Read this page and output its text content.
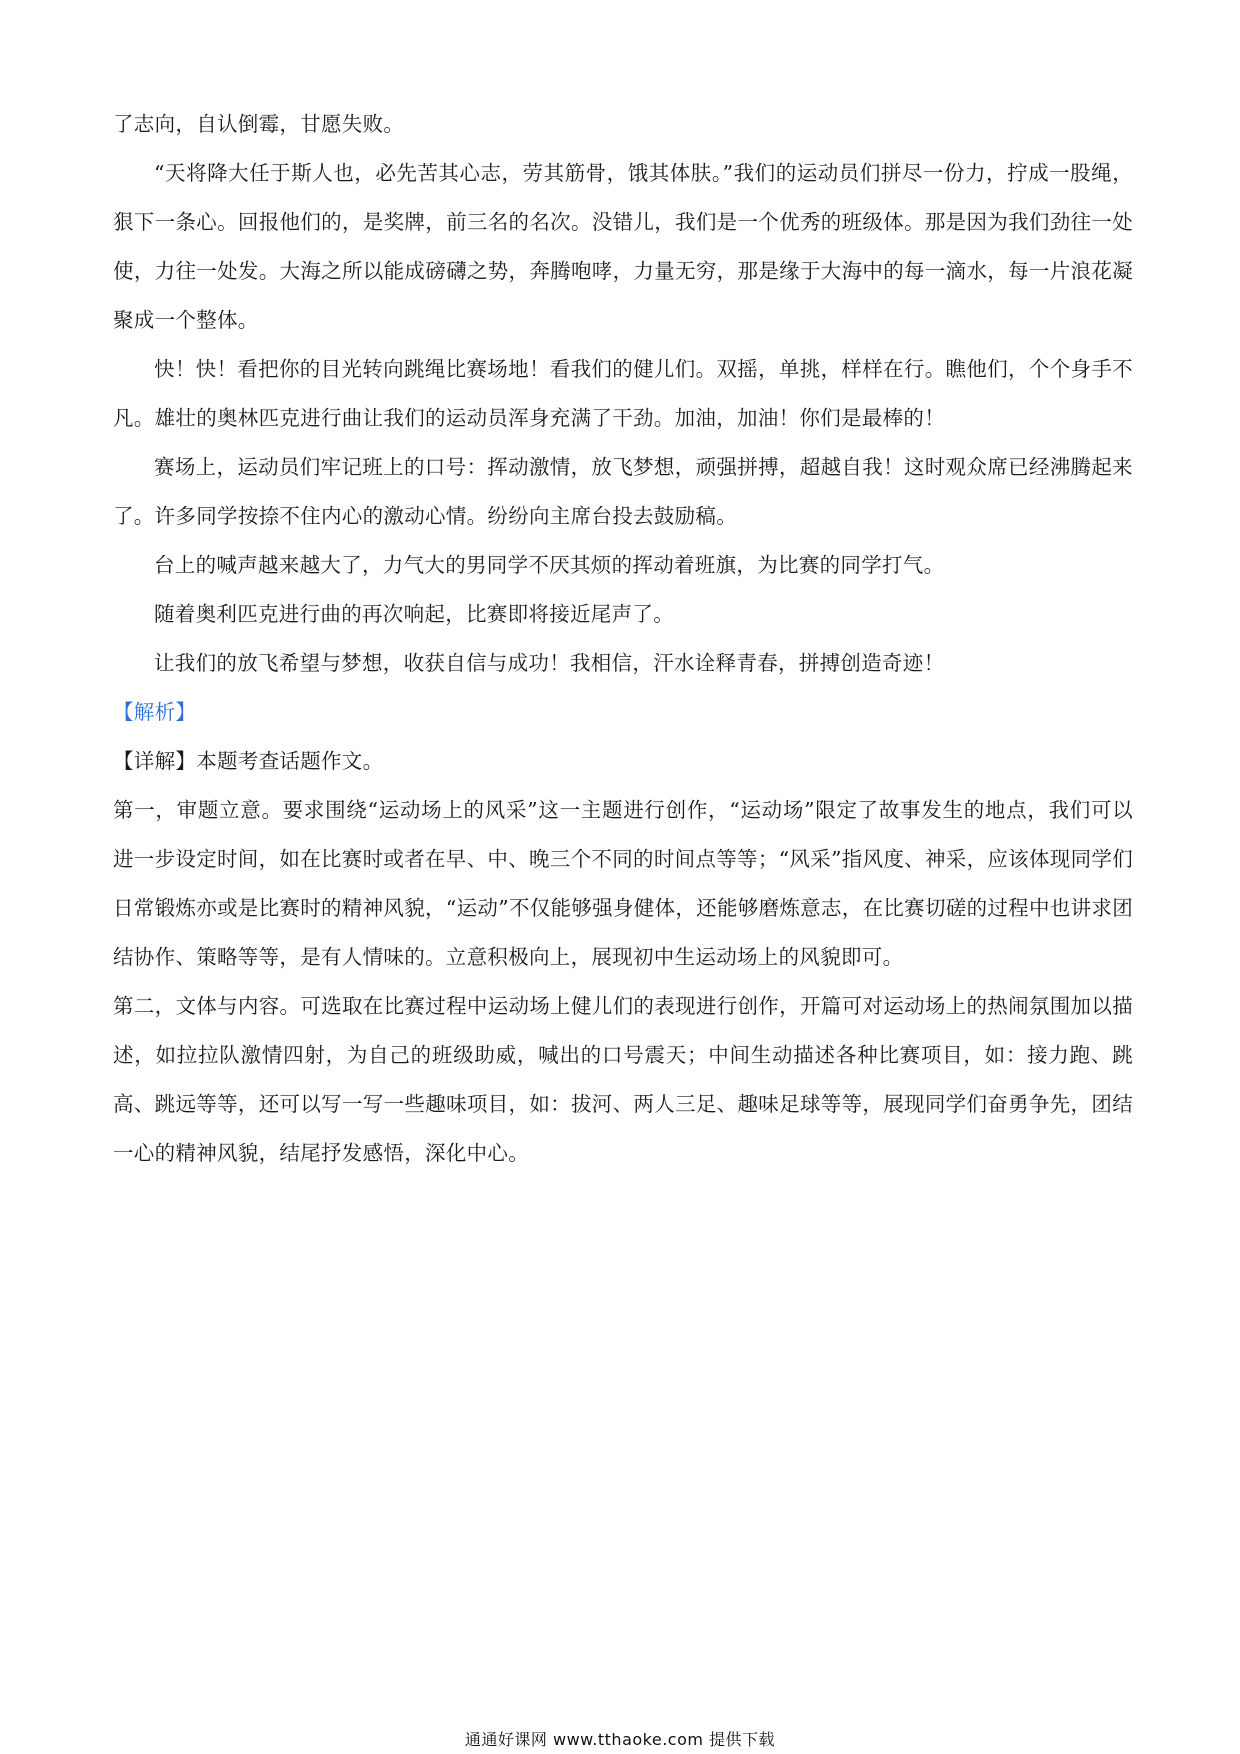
了志向，自认倒霉，甘愿失败。

“天将降大任于斯人也，必先苦其心志，劳其筋骨，饿其体肤。”我们的运动员们拼尽一份力，拧成一股绳，狠下一条心。回报他们的，是奖牌，前三名的名次。没错儿，我们是一个优秀的班级体。那是因为我们劲往一处使，力往一处发。大海之所以能成磅礴之势，奔腾咆哮，力量无穷，那是缘于大海中的每一滴水，每一片浪花凝聚成一个整体。

快！快！看把你的目光转向跳绳比赛场地！看我们的健儿们。双摇，单挑，样样在行。瞧他们，个个身手不凡。雄壮的奥林匹克进行曲让我们的运动员浑身充满了干劲。加油，加油！你们是最棒的！

赛场上，运动员们牢记班上的口号：挥动激情，放飞梦想，顽强拼搏，超越自我！这时观众席已经沸腾起来了。许多同学按捺不住内心的激动心情。纷纷向主席台投去鼓励稿。

台上的喊声越来越大了，力气大的男同学不厌其烦的挥动着班旗，为比赛的同学打气。

随着奥利匹克进行曲的再次响起，比赛即将接近尾声了。

让我们的放飞希望与梦想，收获自信与成功！我相信，汗水诠释青春，拼搏创造奇迹！

【解析】

【详解】本题考查话题作文。

第一，审题立意。要求围绕“运动场上的风采”这一主题进行创作，“运动场”限定了故事发生的地点，我们可以进一步设定时间，如在比赛时或者在早、中、晚三个不同的时间点等等；“风采”指风度、神采，应该体现同学们日常锻炼亦或是比赛时的精神风貌，“运动”不仅能够强身健体，还能够磨炼意志，在比赛切磋的过程中也讲求团结协作、策略等等，是有人情味的。立意积极向上，展现初中生运动场上的风貌即可。

第二，文体与内容。可选取在比赛过程中运动场上健儿们的表现进行创作，开篇可对运动场上的热闹氛围加以描述，如拉拉队激情四射，为自己的班级助威，喊出的口号震天；中间生动描述各种比赛项目，如：接力跑、跳高、跳远等等，还可以写一写一些趣味项目，如：拔河、两人三足、趣味足球等等，展现同学们奋勇争先，团结一心的精神风貌，结尾抒发感悟，深化中心。

通通好课网 www.tthaoke.com 提供下载
